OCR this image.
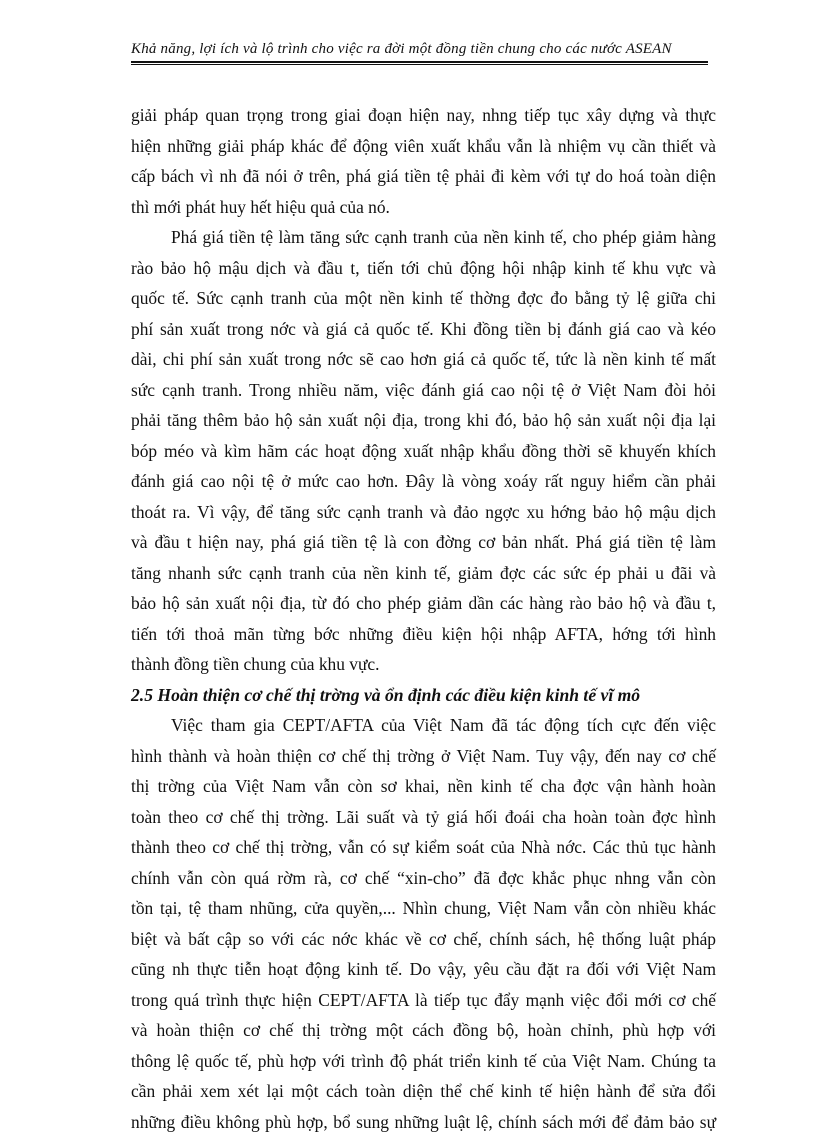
Khả năng, lợi ích và lộ trình cho việc ra đời một đồng tiền chung cho các nước ASEAN
giải pháp quan trọng trong giai đoạn hiện nay, nhng tiếp tục xây dựng và thực
hiện những giải pháp khác để động viên xuất khẩu vẫn là nhiệm vụ cần thiết và
cấp bách vì nh đã nói ở trên, phá giá tiền tệ phải đi kèm với tự do hoá toàn diện
thì mới phát huy hết hiệu quả của nó.
Phá giá tiền tệ làm tăng sức cạnh tranh của nền kinh tế, cho phép giảm hàng
rào bảo hộ mậu dịch và đầu t, tiến tới chủ động hội nhập kinh tế khu vực và
quốc tế. Sức cạnh tranh của một nền kinh tế thờng đợc đo bằng tỷ lệ giữa chi
phí sản xuất trong nớc và giá cả quốc tế. Khi đồng tiền bị đánh giá cao và kéo
dài, chi phí sản xuất trong nớc sẽ cao hơn giá cả quốc tế, tức là nền kinh tế mất
sức cạnh tranh. Trong nhiều năm, việc đánh giá cao nội tệ ở Việt Nam đòi hỏi
phải tăng thêm bảo hộ sản xuất nội địa, trong khi đó, bảo hộ sản xuất nội địa lại
bóp méo và kìm hãm các hoạt động xuất nhập khẩu đồng thời sẽ khuyến khích
đánh giá cao nội tệ ở mức cao hơn. Đây là vòng xoáy rất nguy hiểm cần phải
thoát ra. Vì vậy, để tăng sức cạnh tranh và đảo ngợc xu hớng bảo hộ mậu dịch
và đầu t hiện nay, phá giá tiền tệ là con đờng cơ bản nhất. Phá giá tiền tệ làm
tăng nhanh sức cạnh tranh của nền kinh tế, giảm đợc các sức ép phải u đãi và
bảo hộ sản xuất nội địa, từ đó cho phép giảm dần các hàng rào bảo hộ và đầu t,
tiến tới thoả mãn từng bớc những điều kiện hội nhập AFTA, hớng tới hình
thành đồng tiền chung của khu vực.
2.5 Hoàn thiện cơ chế thị trờng và ổn định các điều kiện kinh tế vĩ mô
Việc tham gia CEPT/AFTA của Việt Nam đã tác động tích cực đến việc
hình thành và hoàn thiện cơ chế thị trờng ở Việt Nam. Tuy vậy, đến nay cơ chế
thị trờng của Việt Nam vẫn còn sơ khai, nền kinh tế cha đợc vận hành hoàn
toàn theo cơ chế thị trờng. Lãi suất và tỷ giá hối đoái cha hoàn toàn đợc hình
thành theo cơ chế thị trờng, vẫn có sự kiểm soát của Nhà nớc. Các thủ tục hành
chính vẫn còn quá rờm rà, cơ chế “xin-cho” đã đợc khắc phục nhng vẫn còn
tồn tại, tệ tham nhũng, cửa quyền,... Nhìn chung, Việt Nam vẫn còn nhiều khác
biệt và bất cập so với các nớc khác về cơ chế, chính sách, hệ thống luật pháp
cũng nh thực tiễn hoạt động kinh tế. Do vậy, yêu cầu đặt ra đối với Việt Nam
trong quá trình thực hiện CEPT/AFTA là tiếp tục đẩy mạnh việc đổi mới cơ chế
và hoàn thiện cơ chế thị trờng một cách đồng bộ, hoàn chỉnh, phù hợp với
thông lệ quốc tế, phù hợp với trình độ phát triển kinh tế của Việt Nam. Chúng ta
cần phải xem xét lại một cách toàn diện thể chế kinh tế hiện hành để sửa đổi
những điều không phù hợp, bổ sung những luật lệ, chính sách mới để đảm bảo sự
